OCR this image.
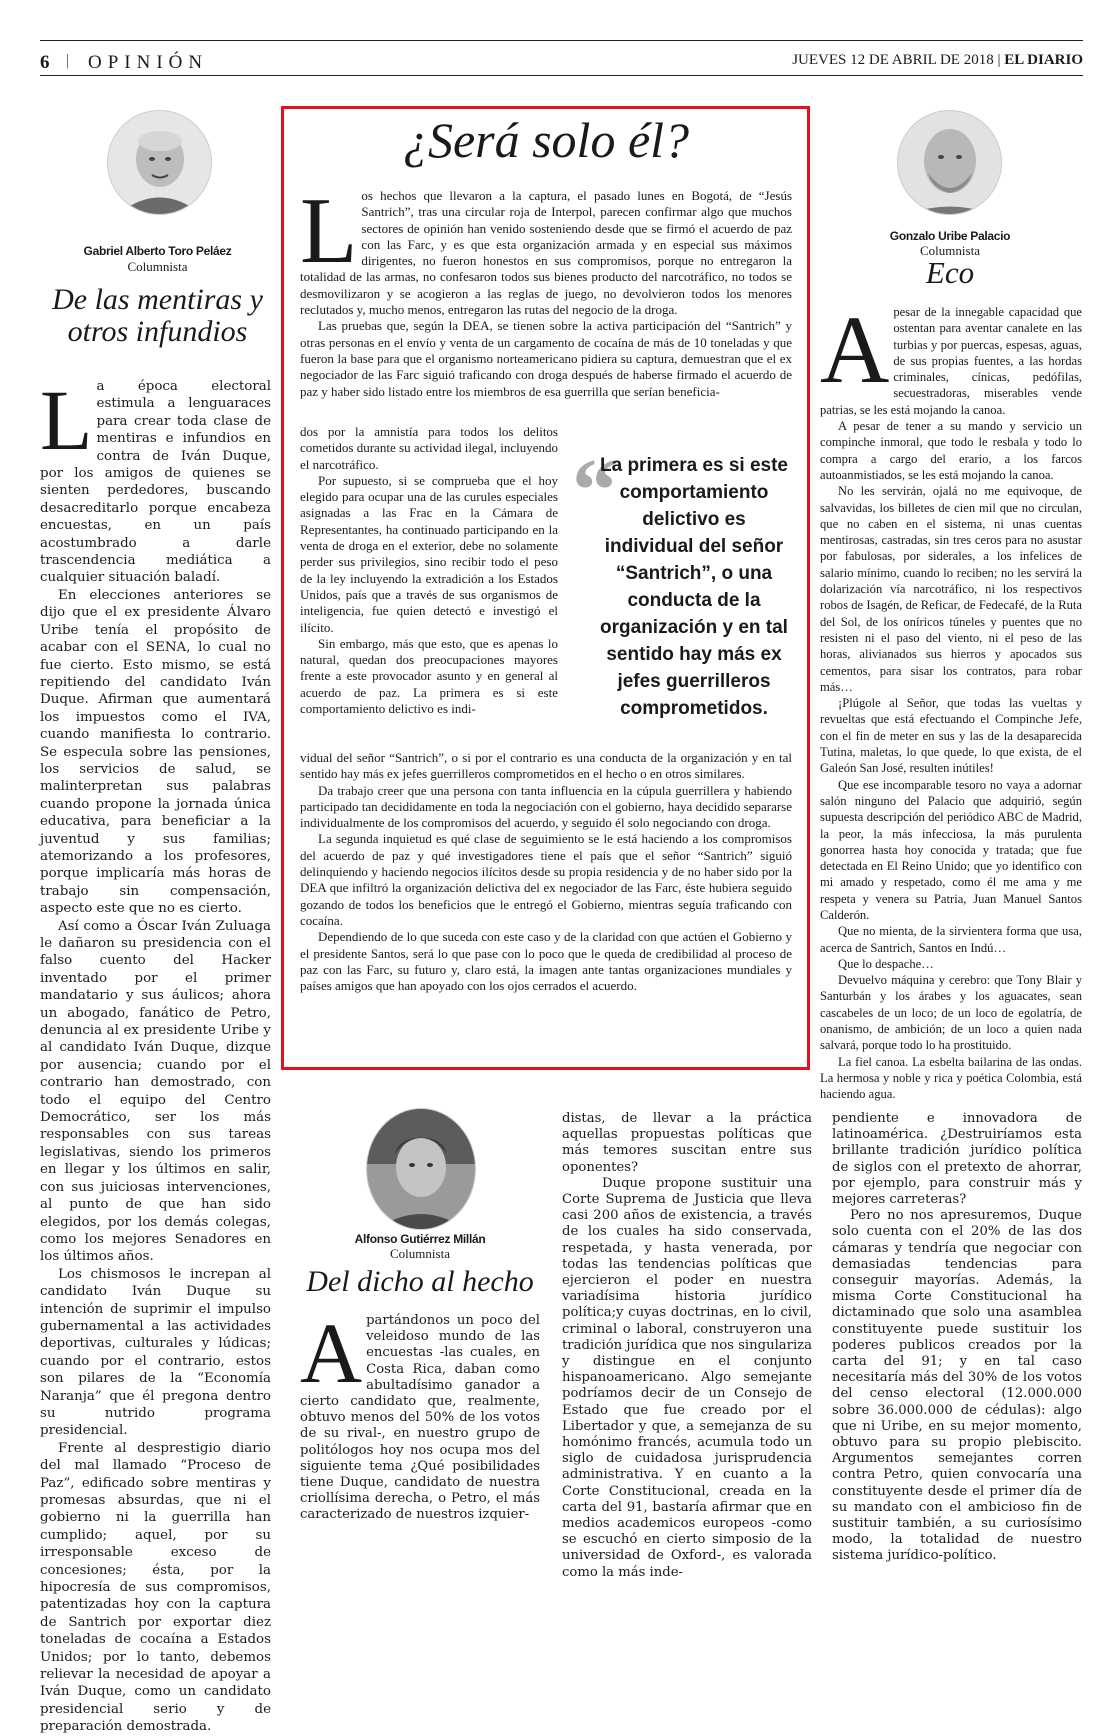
6 | OPINIÓN	JUEVES 12 DE ABRIL DE 2018 | EL DIARIO
Gabriel Alberto Toro Peláez
Columnista
De las mentiras y otros infundios
L a época electoral estimula a lenguaraces para crear toda clase de mentiras e infundios en contra de Iván Duque, por los amigos de quienes se sienten perdedores, buscando desacreditarlo porque encabeza encuestas, en un país acostumbrado a darle trascendencia mediática a cualquier situación baladí.

En elecciones anteriores se dijo que el ex presidente Álvaro Uribe tenía el propósito de acabar con el SENA, lo cual no fue cierto. Esto mismo, se está repitiendo del candidato Iván Duque. Afirman que aumentará los impuestos como el IVA, cuando manifiesta lo contrario. Se especula sobre las pensiones, los servicios de salud, se malinterpretan sus palabras cuando propone la jornada única educativa, para beneficiar a la juventud y sus familias; atemorizando a los profesores, porque implicaría más horas de trabajo sin compensación, aspecto este que no es cierto.

Así como a Óscar Iván Zuluaga le dañaron su presidencia con el falso cuento del Hacker inventado por el primer mandatario y sus áulicos; ahora un abogado, fanático de Petro, denuncia al ex presidente Uribe y al candidato Iván Duque, dizque por ausencia; cuando por el contrario han demostrado, con todo el equipo del Centro Democrático, ser los más responsables con sus tareas legislativas, siendo los primeros en llegar y los últimos en salir, con sus juiciosas intervenciones, al punto de que han sido elegidos, por los demás colegas, como los mejores Senadores en los últimos años.

Los chismosos le increpan al candidato Iván Duque su intención de suprimir el impulso gubernamental a las actividades deportivas, culturales y lúdicas; cuando por el contrario, estos son pilares de la “Economía Naranja” que él pregona dentro su nutrido programa presidencial.

Frente al desprestigio diario del mal llamado “Proceso de Paz”, edificado sobre mentiras y promesas absurdas, que ni el gobierno ni la guerrilla han cumplido; aquel, por su irresponsable exceso de concesiones; ésta, por la hipocresía de sus compromisos, patentizadas hoy con la captura de Santrich por exportar diez toneladas de cocaína a Estados Unidos; por lo tanto, debemos relievar la necesidad de apoyar a Iván Duque, como un candidato presidencial serio y de preparación demostrada.

¿Será solo él?
L os hechos que llevaron a la captura, el pasado lunes en Bogotá, de “Jesús Santrich”, tras una circular roja de Interpol, parecen confirmar algo que muchos sectores de opinión han venido sosteniendo desde que se firmó el acuerdo de paz con las Farc, y es que esta organización armada y en especial sus máximos dirigentes, no fueron honestos en sus compromisos, porque no entregaron la totalidad de las armas, no confesaron todos sus bienes producto del narcotráfico, no todos se desmovilizaron y se acogieron a las reglas de juego, no devolvieron todos los menores reclutados y, mucho menos, entregaron las rutas del negocio de la droga.

Las pruebas que, según la DEA, se tienen sobre la activa participación del “Santrich” y otras personas en el envío y venta de un cargamento de cocaína de más de 10 toneladas y que fueron la base para que el organismo norteamericano pidiera su captura, demuestran que el ex negociador de las Farc siguió traficando con droga después de haberse firmado el acuerdo de paz y haber sido listado entre los miembros de esa guerrilla que serían beneficia-

dos por la amnistía para todos los delitos cometidos durante su actividad ilegal, incluyendo el narcotráfico.

Por supuesto, si se comprueba que el hoy elegido para ocupar una de las curules especiales asignadas a las Frac en la Cámara de Representantes, ha continuado participando en la venta de droga en el exterior, debe no solamente perder sus privilegios, sino recibir todo el peso de la ley incluyendo la extradición a los Estados Unidos, país que a través de sus organismos de inteligencia, fue quien detectó e investigó el ilícito.

Sin embargo, más que esto, que es apenas lo natural, quedan dos preocupaciones mayores frente a este provocador asunto y en general al acuerdo de paz. La primera es si este comportamiento delictivo es indi-

“
La primera es si este comportamiento delictivo es individual del señor “Santrich”, o una conducta de la organización y en tal sentido hay más ex jefes guerrilleros comprometidos.

vidual del señor “Santrich”, o si por el contrario es una conducta de la organización y en tal sentido hay más ex jefes guerrilleros comprometidos en el hecho o en otros similares.

Da trabajo creer que una persona con tanta influencia en la cúpula guerrillera y habiendo participado tan decididamente en toda la negociación con el gobierno, haya decidido separarse individualmente de los compromisos del acuerdo, y seguido él solo negociando con droga.

La segunda inquietud es qué clase de seguimiento se le está haciendo a los compromisos del acuerdo de paz y qué investigadores tiene el país que el señor “Santrich” siguió delinquiendo y haciendo negocios ilícitos desde su propia residencia y de no haber sido por la DEA que infiltró la organización delictiva del ex negociador de las Farc, éste hubiera seguido gozando de todos los beneficios que le entregó el Gobierno, mientras seguía traficando con cocaína.

Dependiendo de lo que suceda con este caso y de la claridad con que actúen el Gobierno y el presidente Santos, será lo que pase con lo poco que le queda de credibilidad al proceso de paz con las Farc, su futuro y, claro está, la imagen ante tantas organizaciones mundiales y países amigos que han apoyado con los ojos cerrados el acuerdo.

Gonzalo Uribe Palacio
Columnista
Eco
A pesar de la innegable capacidad que ostentan para aventar canalete en las turbias y por puercas, espesas, aguas, de sus propias fuentes, a las hordas criminales, cínicas, pedófilas, secuestradoras, miserables vende patrias, se les está mojando la canoa.

A pesar de tener a su mando y servicio un compinche inmoral, que todo le resbala y todo lo compra a cargo del erario, a los farcos autoanmistiados, se les está mojando la canoa.

No les servirán, ojalá no me equivoque, de salvavidas, los billetes de cien mil que no circulan, que no caben en el sistema, ni unas cuentas mentirosas, castradas, sin tres ceros para no asustar por fabulosas, por siderales, a los infelices de salario mínimo, cuando lo reciben; no les servirá la dolarización vía narcotráfico, ni los respectivos robos de Isagén, de Reficar, de Fedecafé, de la Ruta del Sol, de los oníricos túneles y puentes que no resisten ni el paso del viento, ni el peso de las horas, alivianados sus hierros y apocados sus cementos, para sisar los contratos, para robar más…

¡Plúgole al Señor, que todas las vueltas y revueltas que está efectuando el Compinche Jefe, con el fin de meter en sus y las de la desaparecida Tutina, maletas, lo que quede, lo que exista, de el Galeón San José, resulten inútiles!

Que ese incomparable tesoro no vaya a adornar salón ninguno del Palacio que adquirió, según supuesta descripción del periódico ABC de Madrid, la peor, la más infecciosa, la más purulenta gonorrea hasta hoy conocida y tratada; que fue detectada en El Reino Unido; que yo identifico con mi amado y respetado, como él me ama y me respeta y venera su Patria, Juan Manuel Santos Calderón.

Que no mienta, de la sirvientera forma que usa, acerca de Santrich, Santos en Indú…

Que lo despache…

Devuelvo máquina y cerebro: que Tony Blair y Santurbán y los árabes y los aguacates, sean cascabeles de un loco; de un loco de egolatría, de onanismo, de ambición; de un loco a quien nada salvará, porque todo lo ha prostituido.

La fiel canoa. La esbelta bailarina de las ondas. La hermosa y noble y rica y poética Colombia, está haciendo agua.

Alfonso Gutiérrez Millán
Columnista
Del dicho al hecho
A partándonos un poco del veleidoso mundo de las encuestas -las cuales, en Costa Rica, daban como abultadísimo ganador a cierto candidato que, realmente, obtuvo menos del 50% de los votos de su rival-, en nuestro grupo de politólogos hoy nos ocupa mos del siguiente tema ¿Qué posibilidades tiene Duque, candidato de nuestra criollísima derecha, o Petro, el más caracterizado de nuestros izquier-

distas, de llevar a la práctica aquellas propuestas políticas que más temores suscitan entre sus oponentes?

Duque propone sustituir una Corte Suprema de Justicia que lleva casi 200 años de existencia, a través de los cuales ha sido conservada, respetada, y hasta venerada, por todas las tendencias políticas que ejercieron el poder en nuestra variadísima historia jurídico política;y cuyas doctrinas, en lo civil, criminal o laboral, construyeron una tradición jurídica que nos singulariza y distingue en el conjunto hispanoamericano. Algo semejante podríamos decir de un Consejo de Estado que fue creado por el Libertador y que, a semejanza de su homónimo francés, acumula todo un siglo de cuidadosa jurisprudencia administrativa. Y en cuanto a la Corte Constitucional, creada en la carta del 91, bastaría afirmar que en medios academicos europeos -como se escuchó en cierto simposio de la universidad de Oxford-, es valorada como la más inde-

pendiente e innovadora de latinoamérica. ¿Destruiríamos esta brillante tradición jurídico política de siglos con el pretexto de ahorrar, por ejemplo, para construir más y mejores carreteras?

Pero no nos apresuremos, Duque solo cuenta con el 20% de las dos cámaras y tendría que negociar con demasiadas tendencias para conseguir mayorías. Además, la misma Corte Constitucional ha dictaminado que solo una asamblea constituyente puede sustituir los poderes publicos creados por la carta del 91; y en tal caso necesitaría más del 30% de los votos del censo electoral (12.000.000 sobre 36.000.000 de cédulas): algo que ni Uribe, en su mejor momento, obtuvo para su propio plebiscito. Argumentos semejantes corren contra Petro, quien convocaría una constituyente desde el primer día de su mandato con el ambicioso fin de sustituir también, a su curiosísimo modo, la totalidad de nuestro sistema jurídico-político.
